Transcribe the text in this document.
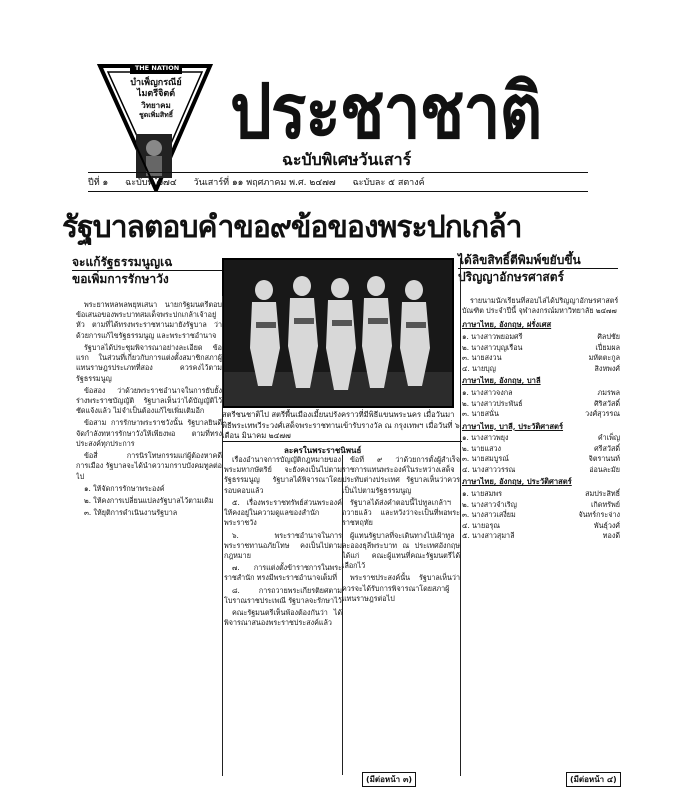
THE NATION
บำเพ็ญกรณีย์
ไมตรีจิตต์
วิทยาคม
ชูดเพิ่มสิทธิ์ ประชาชาติ
ฉะบับพิเศษวันเสาร์
ปีที่ ๑ ฉะบับที่ ๗๗๔ วันเสาร์ที่ ๑๑ พฤศภาคม พ.ศ. ๒๔๗๗ ฉะบับละ ๕ สตางค์
รัฐบาลตอบคำขอ๙ข้อของพระปกเกล้า
จะแก้รัฐธรรมนูญเฉ
ขอเพิ่มการรักษาวัง
ได้ลิขสิทธิ์ตีพิมพ์ขยับขึ้น
ปริญญาอักษรศาสตร์
สตรีชนชาติไป สตรีพื้นเมืองเมี้ยนปรังคราวที่มีพิธีแขนพระนคร เมื่อวันมาพิธีพระเทพวีระวงศ์เสด็จพระราชทานเข้ารับรางวัล ณ กรุงเทพฯ เมื่อวันที่ ๖ เดือน มินาคม ๒๔๗๗
ละครในพระราชนิพนธ์

พระยาพหลพลพยุหเสนา นายกรัฐมนตรีตอบ ข้อเสนอของพระบาทสมเด็จพระปกเกล้าเจ้าอยู่หัว ตามที่ได้ทรงพระราชทานมายังรัฐบาล ว่าด้วยการแก้ไขรัฐธรรมนูญ และพระราชอำนาจ

รัฐบาลได้ประชุมพิจารณาอย่างละเอียด ข้อแรก ในส่วนที่เกี่ยวกับการแต่งตั้งสมาชิกสภาผู้แทนราษฎรประเภทที่สอง ควรคงไว้ตามรัฐธรรมนูญ

ข้อสอง ว่าด้วยพระราชอำนาจในการยับยั้งร่างพระราชบัญญัติ รัฐบาลเห็นว่าได้บัญญัติไว้ชัดแจ้งแล้ว ไม่จำเป็นต้องแก้ไขเพิ่มเติมอีก

ข้อสาม การรักษาพระราชวังนั้น รัฐบาลยินดีจัดกำลังทหารรักษาวังให้เพียงพอ ตามที่ทรงประสงค์ทุกประการ

ข้อสี่ การนิรโทษกรรมแก่ผู้ต้องหาคดีการเมือง รัฐบาลจะได้นำความกราบบังคมทูลต่อไป

๑. ให้จัดการรักษาพระองค์

๒. ให้คงการเปลี่ยนแปลงรัฐบาลไว้ตามเดิม

๓. ให้ยุติการดำเนินงานรัฐบาล

เรื่องอำนาจการบัญญัติกฎหมายของพระมหากษัตริย์ จะยังคงเป็นไปตามรัฐธรรมนูญ รัฐบาลได้พิจารณาโดยรอบคอบแล้ว

๕. เรื่องพระราชทรัพย์ส่วนพระองค์ ให้คงอยู่ในความดูแลของสำนักพระราชวัง

๖. พระราชอำนาจในการพระราชทานอภัยโทษ คงเป็นไปตามกฎหมาย

๗. การแต่งตั้งข้าราชการในพระราชสำนัก ทรงมีพระราชอำนาจเต็มที่

๘. การถวายพระเกียรติยศตามโบราณราชประเพณี รัฐบาลจะรักษาไว้

คณะรัฐมนตรีเห็นพ้องต้องกันว่า ได้พิจารณาสนองพระราชประสงค์แล้ว

ข้อที่ ๙ ว่าด้วยการตั้งผู้สำเร็จราชการแทนพระองค์ในระหว่างเสด็จประทับต่างประเทศ รัฐบาลเห็นว่าควรเป็นไปตามรัฐธรรมนูญ

รัฐบาลได้ส่งคำตอบนี้ไปทูลเกล้าฯ ถวายแล้ว และหวังว่าจะเป็นที่พอพระราชหฤทัย

ผู้แทนรัฐบาลที่จะเดินทางไปเฝ้าทูลละอองธุลีพระบาท ณ ประเทศอังกฤษ ได้แก่ คณะผู้แทนที่คณะรัฐมนตรีได้เลือกไว้

พระราชประสงค์นั้น รัฐบาลเห็นว่าควรจะได้รับการพิจารณาโดยสภาผู้แทนราษฎรต่อไป

(มีต่อหน้า ๓)

รายนามนักเรียนที่สอบไล่ได้ปริญญาอักษรศาสตร์บัณฑิต ประจำปีนี้ จุฬาลงกรณ์มหาวิทยาลัย ๒๔๗๗

ภาษาไทย, อังกฤษ, ฝรั่งเศส
๑. นางสาวพยอมศรี	ศิลปชัย
๒. นางสาวบุญเรือน	เปี่ยมผล
๓. นายสงวน	มหัตตะกูล
๔. นายบุญ	สิงหพงศ์
ภาษาไทย, อังกฤษ, บาลี
๑. นางสาวจงกล	ภมรพล
๒. นางสาวประพันธ์	ศิริสวัสดิ์
๓. นายสนั่น	วงศ์สุวรรณ
ภาษาไทย, บาลี, ประวัติศาสตร์
๑. นางสาวพยุง	คำเพ็ญ
๒. นายแสวง	ศรีสวัสดิ์
๓. นายสมบูรณ์	จิตรานนท์
๔. นางสาววรรณ	อ่อนละมัย
ภาษาไทย, อังกฤษ, ประวัติศาสตร์
๑. นายสมพร	สมประสิทธิ์
๒. นางสาวจำเริญ	เกิดทรัพย์
๓. นางสาวเสงี่ยม	จันทร์กระจ่าง
๔. นายอรุณ	พันธุ์วงศ์
๕. นางสาวสุมาลี	ทองดี
(มีต่อหน้า ๔)
